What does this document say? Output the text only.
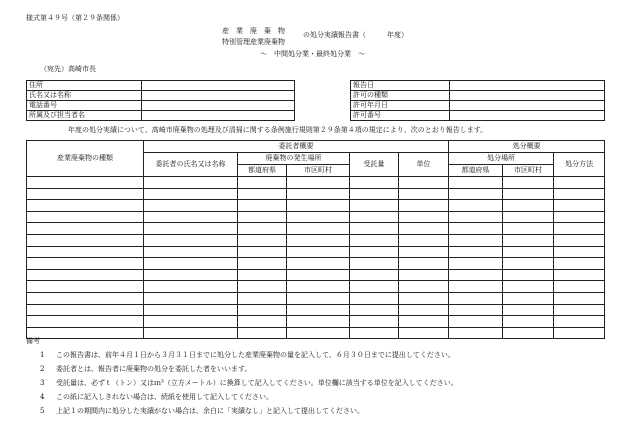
様式第４９号（第２９条関係）
産　業　廃　棄　物
特別管理産業廃棄物
の処分実績報告書（　　　年度）
～　中間処分業・最終処分業　～
（宛先）高崎市長
住所	
氏名又は名称	
電話番号	
所属及び担当者名	
報告日	
許可の種類	
許可年月日	
許可番号	
年度の処分実績について、高崎市廃棄物の処理及び清掃に関する条例施行規則第２９条第４項の規定により、次のとおり報告します。
産業廃棄物の種類	委託者概要					処分概要		
	委託者の氏名又は名称	廃棄物の発生場所		受託量	単位	処分場所		処分方法
		都道府県	市区町村			都道府県	市区町村	

備考
1 この報告書は、前年４月１日から３月３１日までに処分した産業廃棄物の量を記入して、６月３０日までに提出してください。
2 委託者とは、報告者に廃棄物の処分を委託した者をいいます。
3 受託量は、必ずｔ（トン）又はｍ³（立方メートル）に換算して記入してください。単位欄に該当する単位を記入してください。
4 この紙に記入しきれない場合は、続紙を使用して記入してください。
5 上記１の期間内に処分した実績がない場合は、余白に「実績なし」と記入して提出してください。
